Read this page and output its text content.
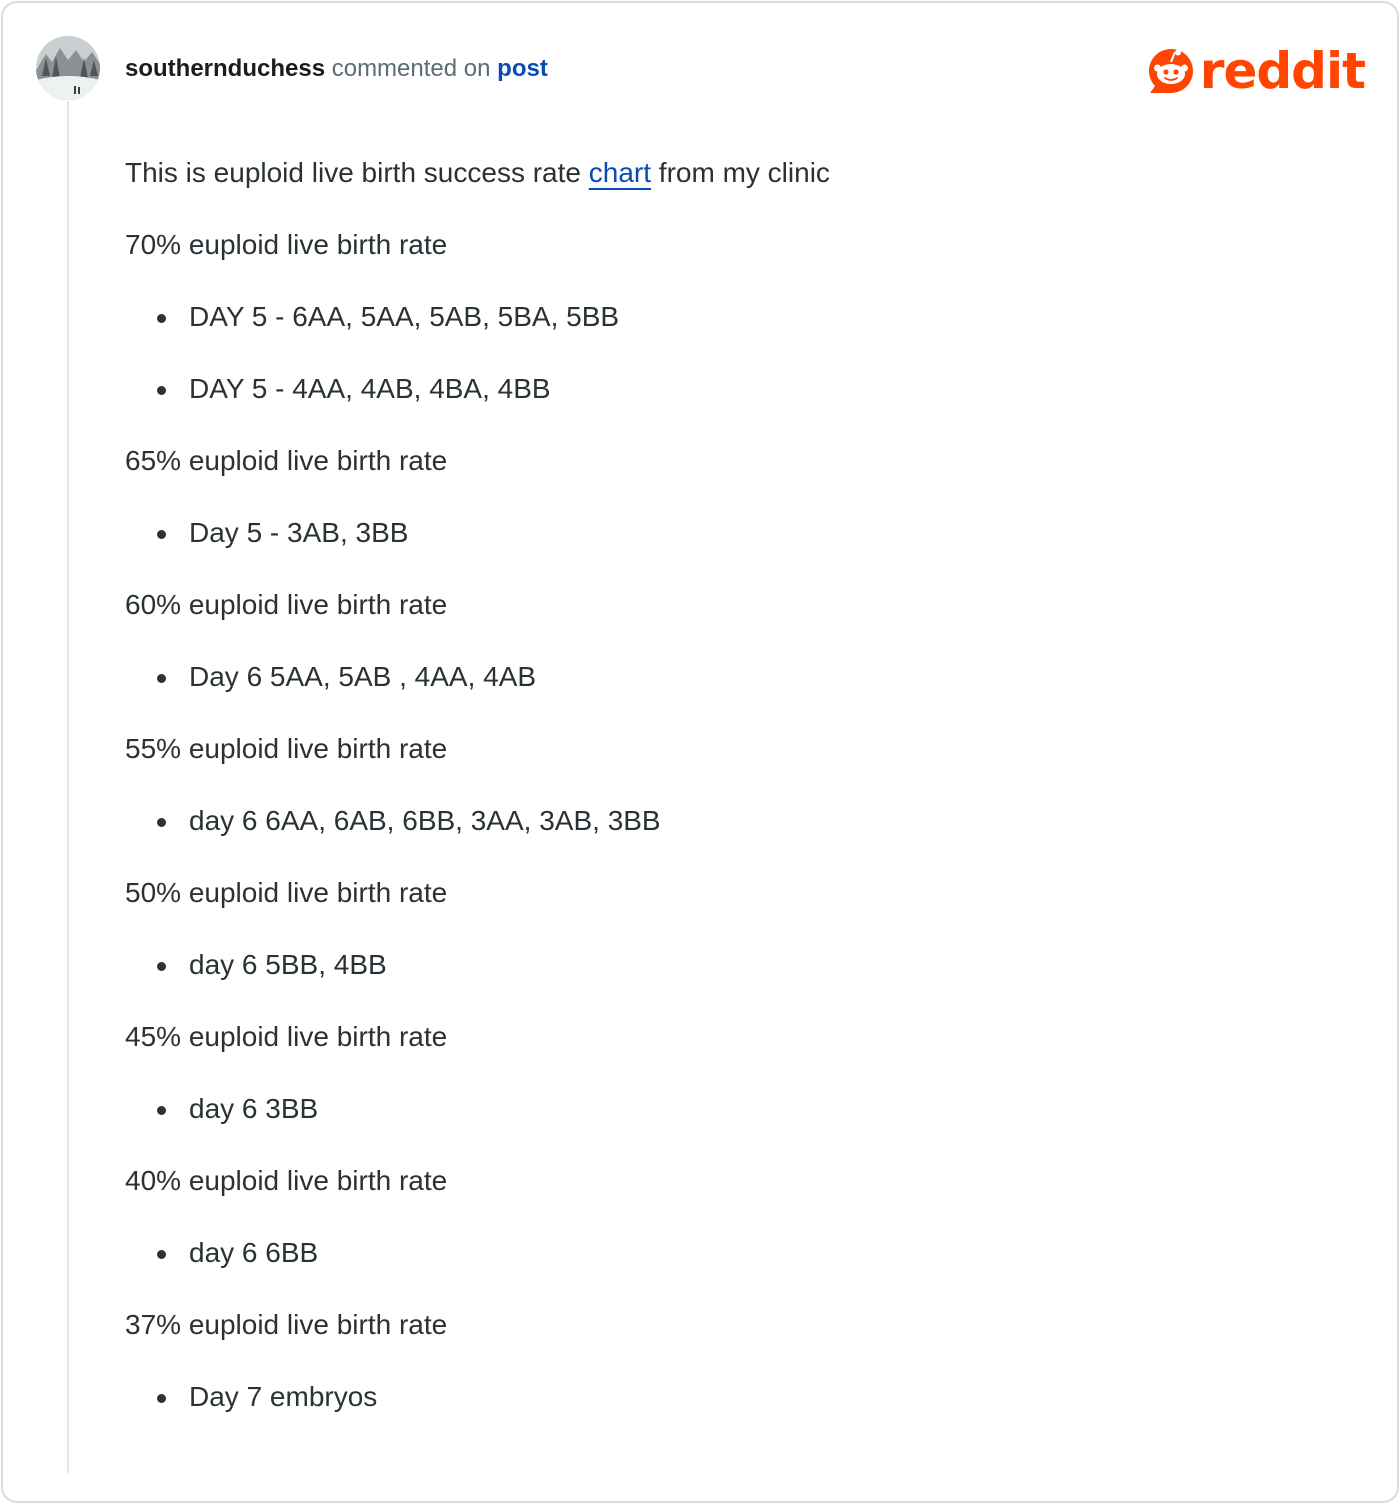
southernduchess commented on post	reddit

This is euploid live birth success rate chart from my clinic

70% euploid live birth rate

DAY 5 - 6AA, 5AA, 5AB, 5BA, 5BB
DAY 5 - 4AA, 4AB, 4BA, 4BB

65% euploid live birth rate

Day 5 - 3AB, 3BB

60% euploid live birth rate

Day 6 5AA, 5AB , 4AA, 4AB

55% euploid live birth rate

day 6 6AA, 6AB, 6BB, 3AA, 3AB, 3BB

50% euploid live birth rate

day 6 5BB, 4BB

45% euploid live birth rate

day 6 3BB

40% euploid live birth rate

day 6 6BB

37% euploid live birth rate

Day 7 embryos
